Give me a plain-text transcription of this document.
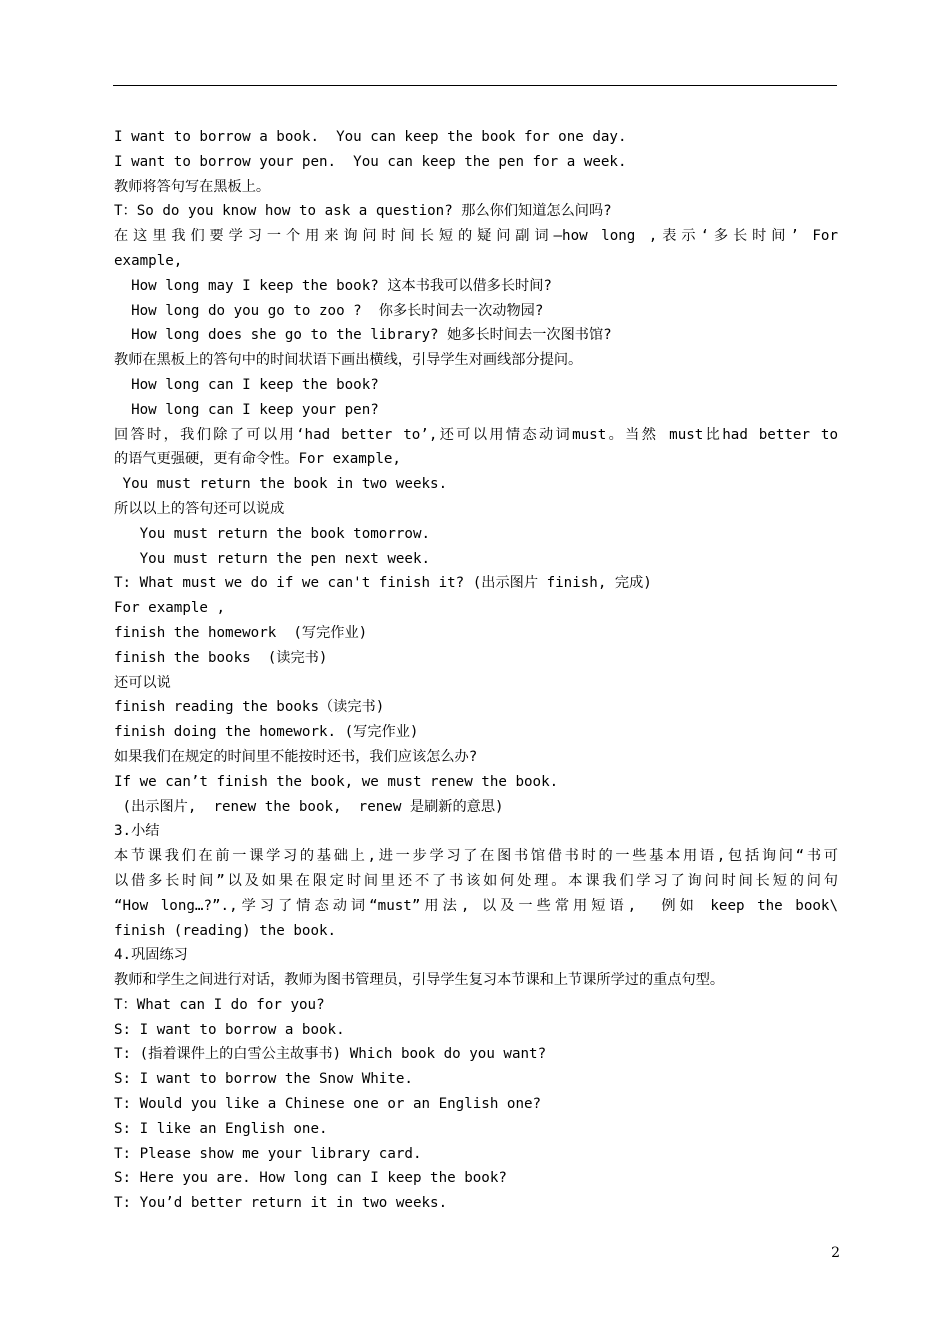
I want to borrow a book.  You can keep the book for one day.
I want to borrow your pen.  You can keep the pen for a week.
教师将答句写在黑板上。
T：So do you know how to ask a question? 那么你们知道怎么问吗?
在这里我们要学习一个用来询问时间长短的疑问副词—how long ,表示‘多长时间’ For
example,
How long may I keep the book? 这本书我可以借多长时间?
How long do you go to zoo ?  你多长时间去一次动物园?
How long does she go to the library? 她多长时间去一次图书馆?
教师在黑板上的答句中的时间状语下画出横线，引导学生对画线部分提问。
How long can I keep the book?
How long can I keep your pen?
回答时，我们除了可以用‘had better to’,还可以用情态动词must。当然 must比had better to
的语气更强硬，更有命令性。For example,
You must return the book in two weeks.
所以以上的答句还可以说成
You must return the book tomorrow.
You must return the pen next week.
T: What must we do if we can't finish it? (出示图片 finish, 完成)
For example ,
finish the homework  (写完作业)
finish the books  (读完书)
还可以说
finish reading the books（读完书)
finish doing the homework. (写完作业)
如果我们在规定的时间里不能按时还书，我们应该怎么办?
If we can’t finish the book, we must renew the book.
(出示图片,  renew the book,  renew 是刷新的意思)
3.小结
本节课我们在前一课学习的基础上,进一步学习了在图书馆借书时的一些基本用语,包括询问“书可
以借多长时间”以及如果在限定时间里还不了书该如何处理。本课我们学习了询问时间长短的问句
“How long…?”.,学习了情态动词“must”用法, 以及一些常用短语,  例如 keep the book\
finish (reading) the book.
4.巩固练习
教师和学生之间进行对话，教师为图书管理员，引导学生复习本节课和上节课所学过的重点句型。
T：What can I do for you?
S: I want to borrow a book.
T: (指着课件上的白雪公主故事书) Which book do you want?
S: I want to borrow the Snow White.
T: Would you like a Chinese one or an English one?
S: I like an English one.
T: Please show me your library card.
S: Here you are. How long can I keep the book?
T: You’d better return it in two weeks.
2
